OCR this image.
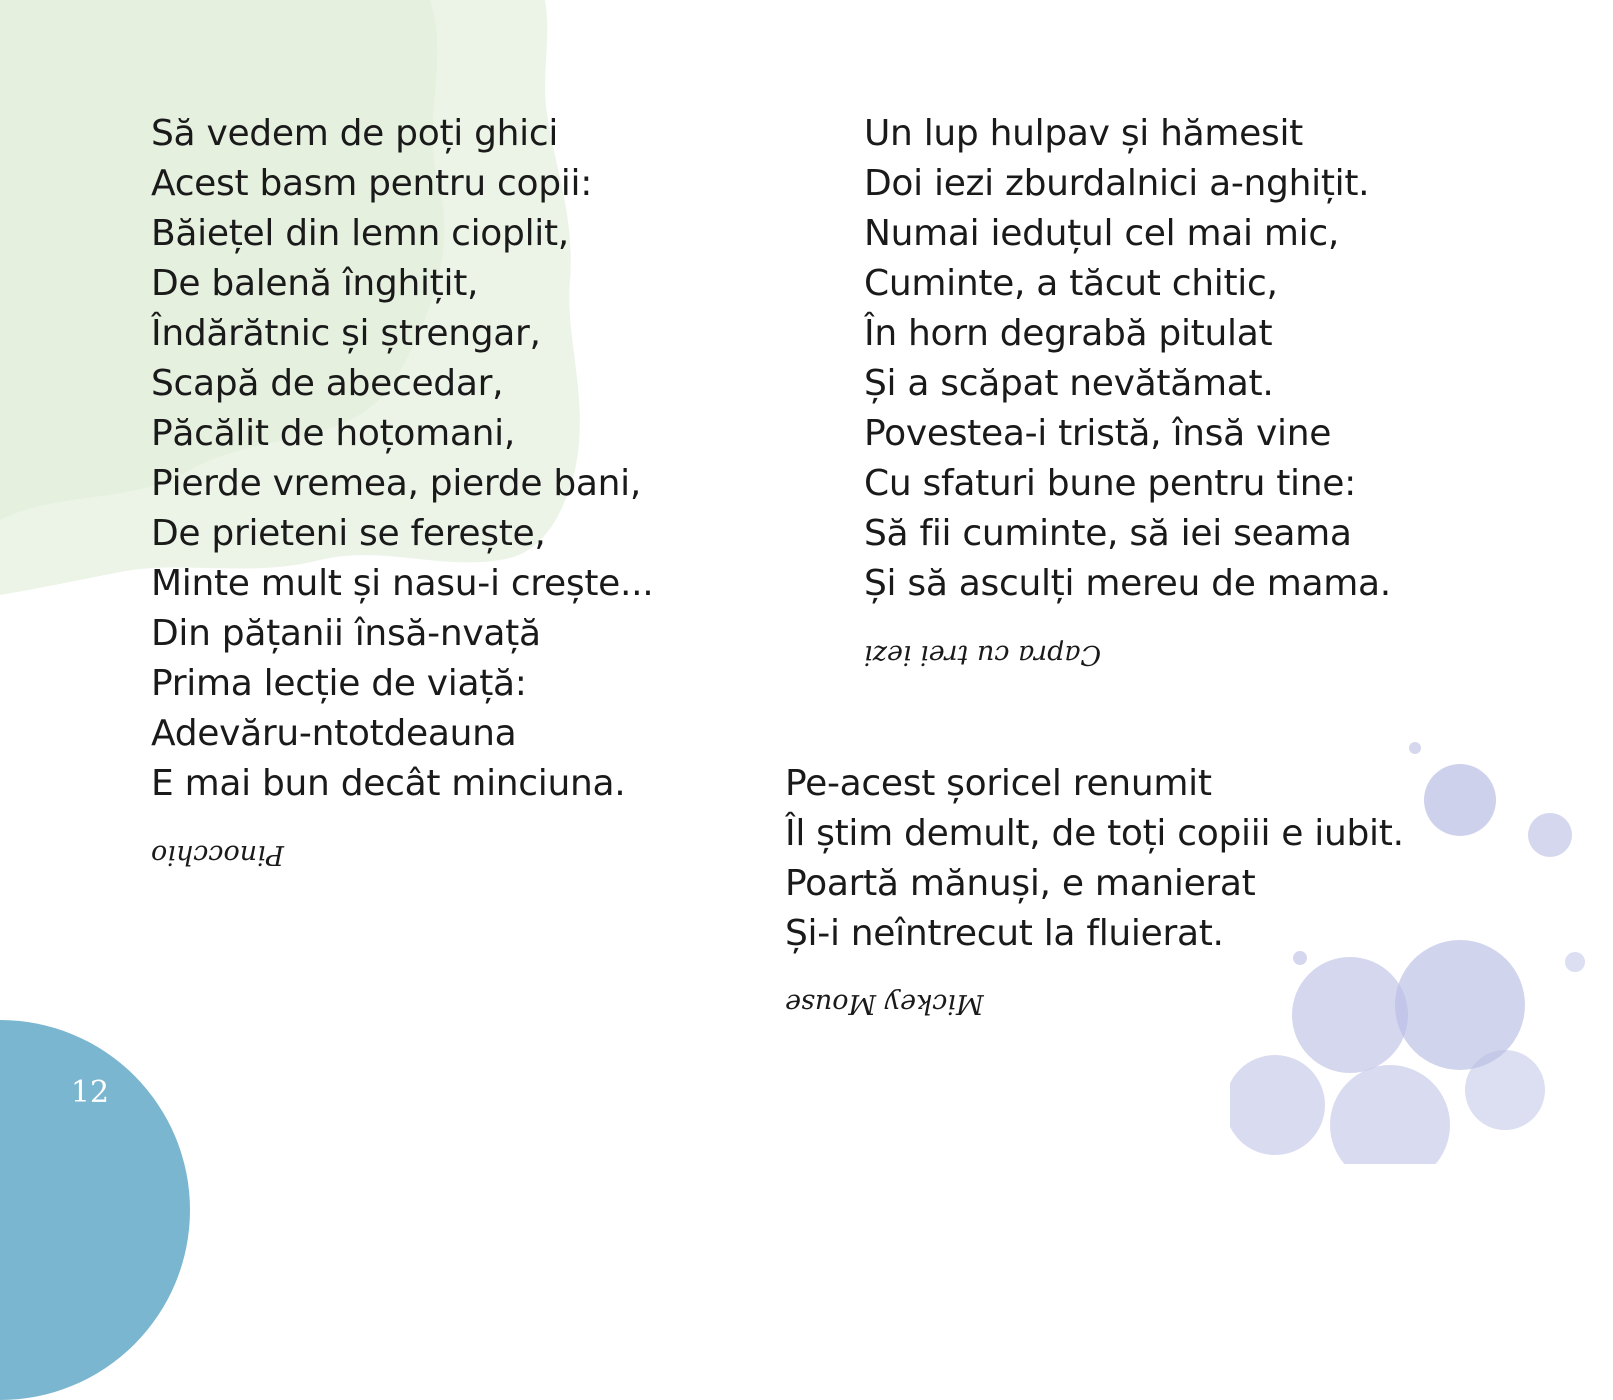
Să vedem de poți ghici
Acest basm pentru copii:
Băiețel din lemn cioplit,
De balenă înghițit,
Îndărătnic și ștrengar,
Scapă de abecedar,
Păcălit de hoțomani,
Pierde vremea, pierde bani,
De prieteni se ferește,
Minte mult și nasu-i crește...
Din pățanii însă-nvață
Prima lecție de viață:
Adevăru-ntotdeauna
E mai bun decât minciuna.
Pinocchio
Un lup hulpav și hămesit
Doi iezi zburdalnici a-nghițit.
Numai ieduțul cel mai mic,
Cuminte, a tăcut chitic,
În horn degrabă pitulat
Și a scăpat nevătămat.
Povestea-i tristă, însă vine
Cu sfaturi bune pentru tine:
Să fii cuminte, să iei seama
Și să asculți mereu de mama.
Capra cu trei iezi
Pe-acest șoricel renumit
Îl știm demult, de toți copiii e iubit.
Poartă mănuși, e manierat
Și-i neîntrecut la fluierat.
Mickey Mouse
12
